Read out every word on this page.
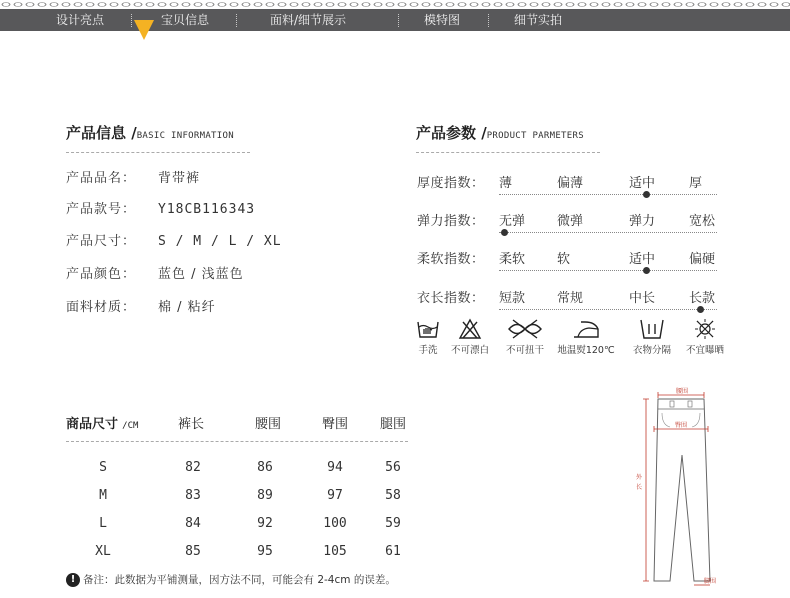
设计亮点	宝贝信息	面料/细节展示	模特图	细节实拍
产品信息 /BASIC INFORMATION
产品品名： 背带裤
产品款号： Y18CB116343
产品尺寸： S / M / L / XL
产品颜色： 蓝色 / 浅蓝色
面料材质： 棉 / 粘纤
产品参数 /PRODUCT PARMETERS
厚度指数： 薄	偏薄	适中	厚
弹力指数： 无弹 微弹	弹力	宽松
柔软指数： 柔软 软	适中	偏硬
衣长指数： 短款 常规	中长	长款
手洗	不可漂白	不可扭干	地温熨120℃	衣物分隔	不宜曝晒
商品尺寸 /CM	裤长	腰围	臀围 腿围
S	82	86	94	56
M	83	89	97	58
L	84	92	100	59
XL	85	95	105	61
! 备注：此数据为平铺测量，因方法不同，可能会有 2-4cm 的误差。
腰围
臀围
外
长
脚围
